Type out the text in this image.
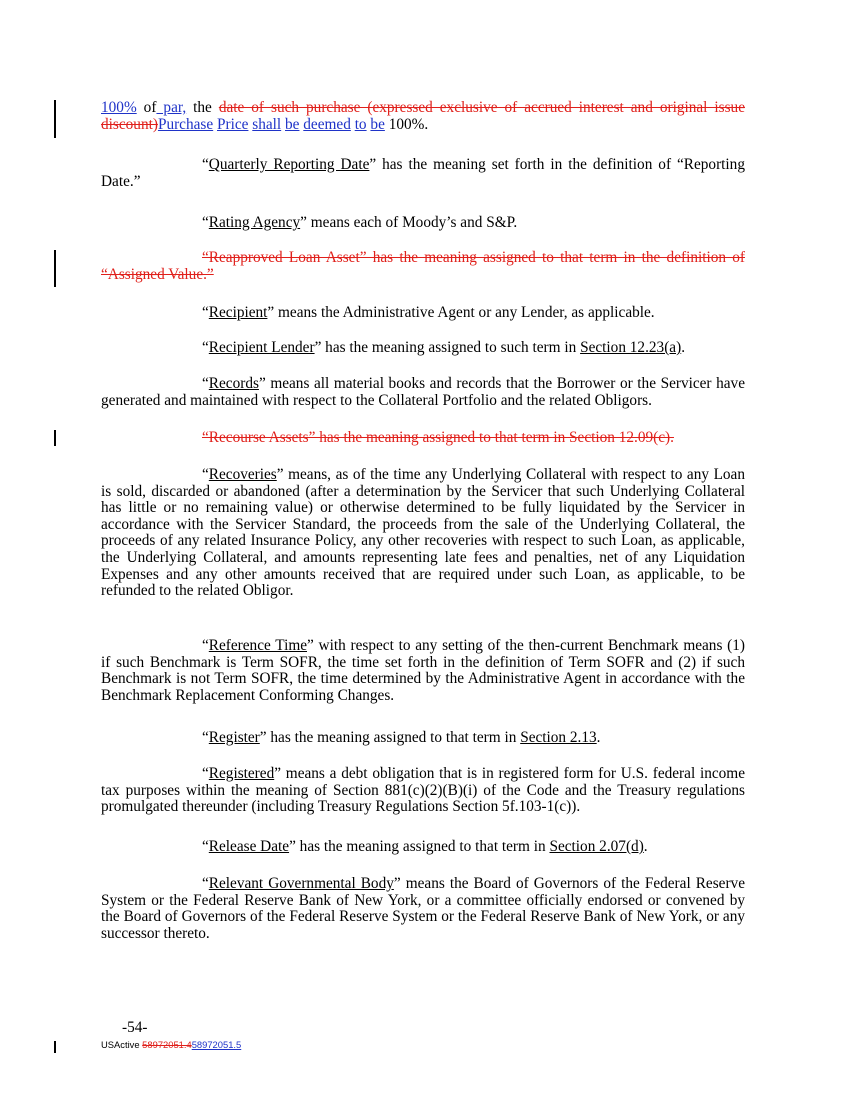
100% of par, the date of such purchase (expressed exclusive of accrued interest and original issue discount)Purchase Price shall be deemed to be 100%.

“Quarterly Reporting Date” has the meaning set forth in the definition of “Reporting Date.”

“Rating Agency” means each of Moody’s and S&P.

“Reapproved Loan Asset” has the meaning assigned to that term in the definition of “Assigned Value.”

“Recipient” means the Administrative Agent or any Lender, as applicable.

“Recipient Lender” has the meaning assigned to such term in Section 12.23(a).

“Records” means all material books and records that the Borrower or the Servicer have generated and maintained with respect to the Collateral Portfolio and the related Obligors.

“Recourse Assets” has the meaning assigned to that term in Section 12.09(c).

“Recoveries” means, as of the time any Underlying Collateral with respect to any Loan is sold, discarded or abandoned (after a determination by the Servicer that such Underlying Collateral has little or no remaining value) or otherwise determined to be fully liquidated by the Servicer in accordance with the Servicer Standard, the proceeds from the sale of the Underlying Collateral, the proceeds of any related Insurance Policy, any other recoveries with respect to such Loan, as applicable, the Underlying Collateral, and amounts representing late fees and penalties, net of any Liquidation Expenses and any other amounts received that are required under such Loan, as applicable, to be refunded to the related Obligor.

“Reference Time” with respect to any setting of the then-current Benchmark means (1) if such Benchmark is Term SOFR, the time set forth in the definition of Term SOFR and (2) if such Benchmark is not Term SOFR, the time determined by the Administrative Agent in accordance with the Benchmark Replacement Conforming Changes.

“Register” has the meaning assigned to that term in Section 2.13.

“Registered” means a debt obligation that is in registered form for U.S. federal income tax purposes within the meaning of Section 881(c)(2)(B)(i) of the Code and the Treasury regulations promulgated thereunder (including Treasury Regulations Section 5f.103-1(c)).

“Release Date” has the meaning assigned to that term in Section 2.07(d).

“Relevant Governmental Body” means the Board of Governors of the Federal Reserve System or the Federal Reserve Bank of New York, or a committee officially endorsed or convened by the Board of Governors of the Federal Reserve System or the Federal Reserve Bank of New York, or any successor thereto.

-54-
USActive 58972051.458972051.5
